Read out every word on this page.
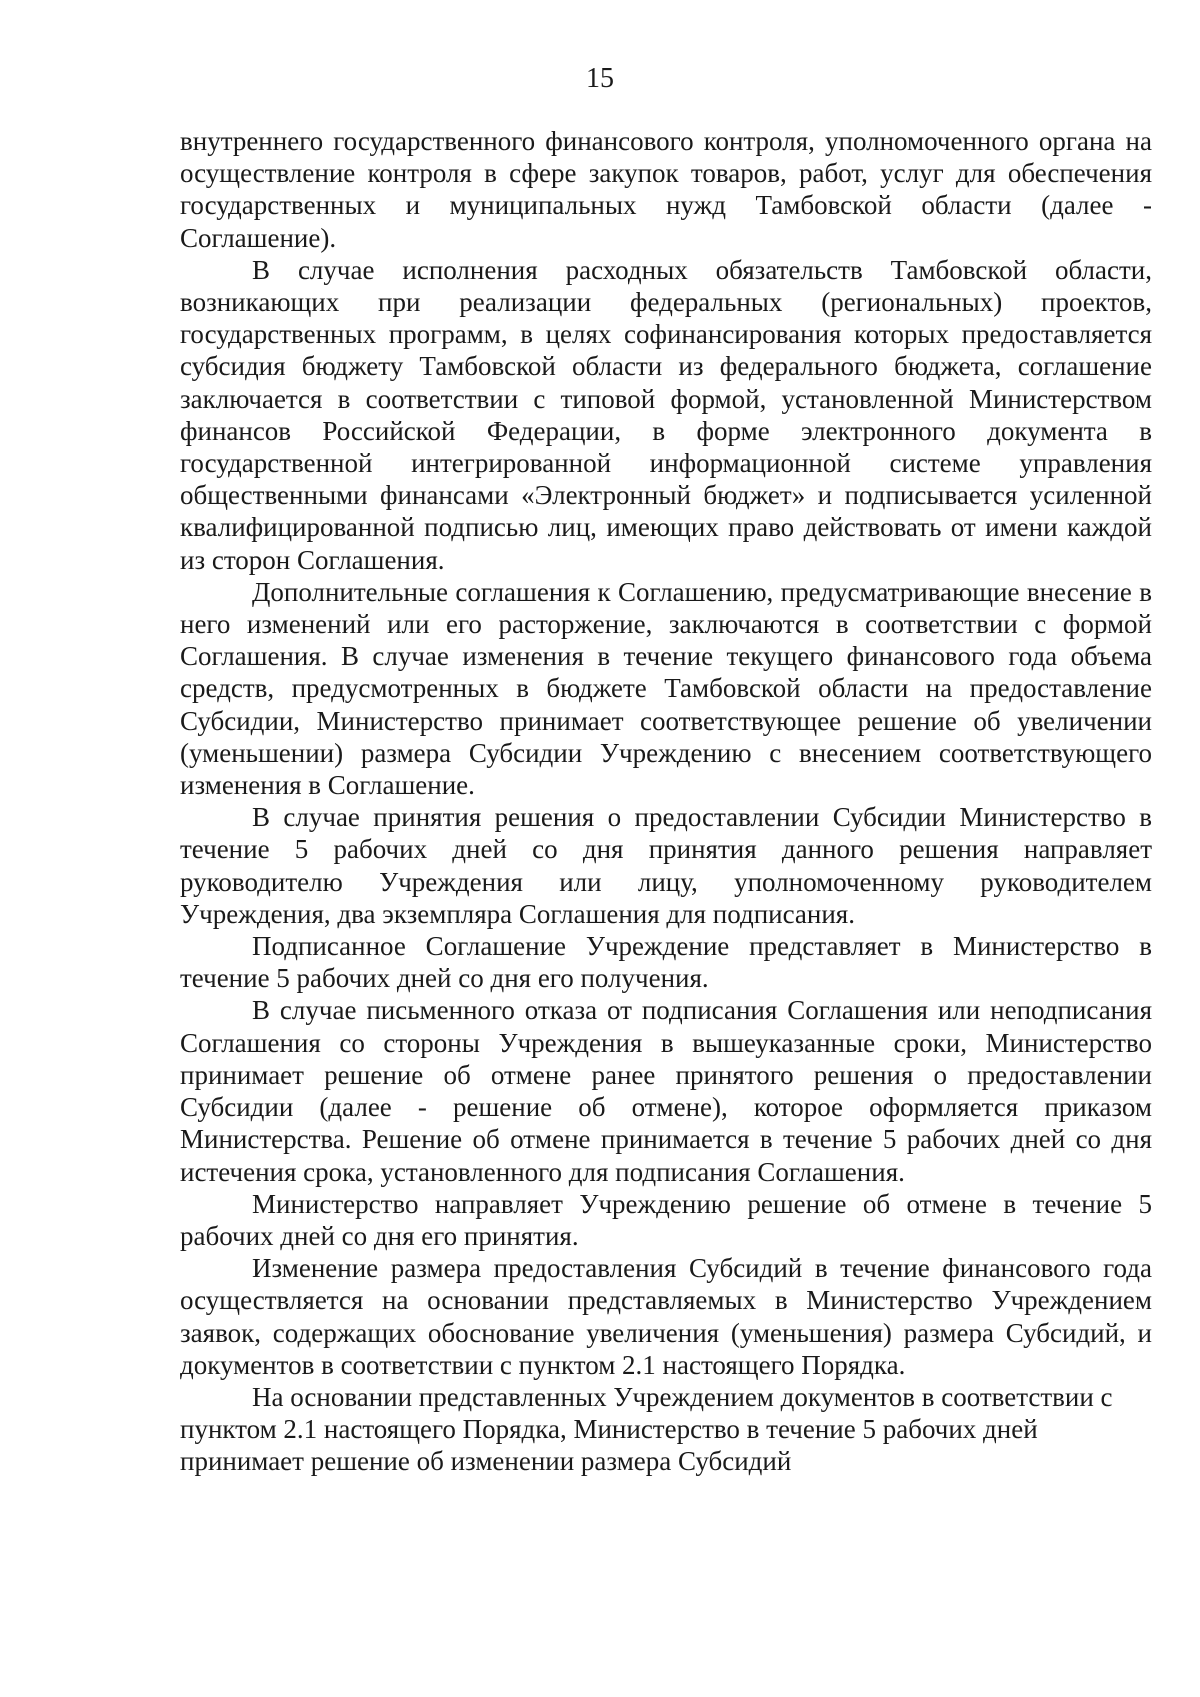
15

внутреннего государственного финансового контроля, уполномоченного органа на осуществление контроля в сфере закупок товаров, работ, услуг для обеспечения государственных и муниципальных нужд Тамбовской области (далее - Соглашение).

В случае исполнения расходных обязательств Тамбовской области, возникающих при реализации федеральных (региональных) проектов, государственных программ, в целях софинансирования которых предоставляется субсидия бюджету Тамбовской области из федерального бюджета, соглашение заключается в соответствии с типовой формой, установленной Министерством финансов Российской Федерации, в форме электронного документа в государственной интегрированной информационной системе управления общественными финансами «Электронный бюджет» и подписывается усиленной квалифицированной подписью лиц, имеющих право действовать от имени каждой из сторон Соглашения.

Дополнительные соглашения к Соглашению, предусматривающие внесение в него изменений или его расторжение, заключаются в соответствии с формой Соглашения. В случае изменения в течение текущего финансового года объема средств, предусмотренных в бюджете Тамбовской области на предоставление Субсидии, Министерство принимает соответствующее решение об увеличении (уменьшении) размера Субсидии Учреждению с внесением соответствующего изменения в Соглашение.

В случае принятия решения о предоставлении Субсидии Министерство в течение 5 рабочих дней со дня принятия данного решения направляет руководителю Учреждения или лицу, уполномоченному руководителем Учреждения, два экземпляра Соглашения для подписания.

Подписанное Соглашение Учреждение представляет в Министерство в течение 5 рабочих дней со дня его получения.

В случае письменного отказа от подписания Соглашения или неподписания Соглашения со стороны Учреждения в вышеуказанные сроки, Министерство принимает решение об отмене ранее принятого решения о предоставлении Субсидии (далее - решение об отмене), которое оформляется приказом Министерства. Решение об отмене принимается в течение 5 рабочих дней со дня истечения срока, установленного для подписания Соглашения.

Министерство направляет Учреждению решение об отмене в течение 5 рабочих дней со дня его принятия.

Изменение размера предоставления Субсидий в течение финансового года осуществляется на основании представляемых в Министерство Учреждением заявок, содержащих обоснование увеличения (уменьшения) размера Субсидий, и документов в соответствии с пунктом 2.1 настоящего Порядка.

На основании представленных Учреждением документов в соответствии с пунктом 2.1 настоящего Порядка, Министерство в течение 5 рабочих дней принимает решение об изменении размера Субсидий
